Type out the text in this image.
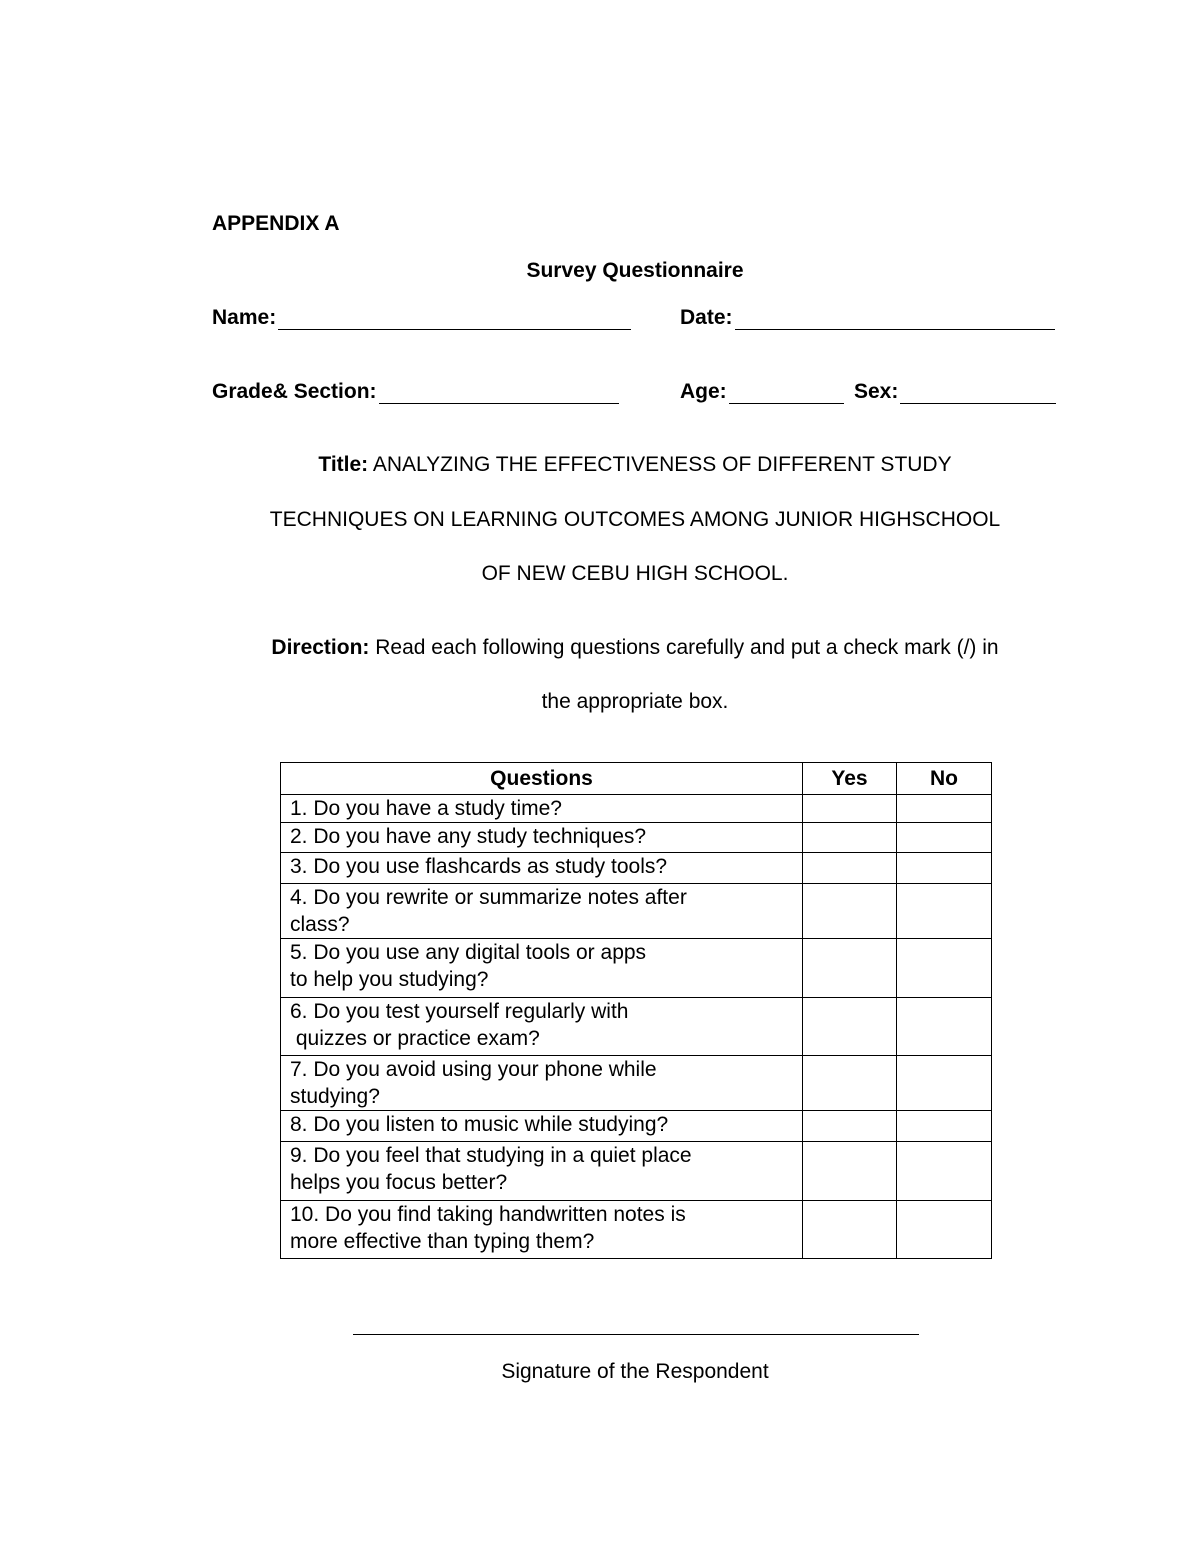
APPENDIX A
Survey Questionnaire
Name:	Date:
Grade& Section:	Age:	Sex:
Title: ANALYZING THE EFFECTIVENESS OF DIFFERENT STUDY
TECHNIQUES ON LEARNING OUTCOMES AMONG JUNIOR HIGHSCHOOL
OF NEW CEBU HIGH SCHOOL.
Direction: Read each following questions carefully and put a check mark (/) in
the appropriate box.
Questions	Yes	No

1. Do you have a study time?		

2. Do you have any study techniques?		

3. Do you use flashcards as study tools?		

4. Do you rewrite or summarize notes after
class?		

5. Do you use any digital tools or apps
to help you studying?		

6. Do you test yourself regularly with
quizzes or practice exam?		

7. Do you avoid using your phone while
studying?		

8. Do you listen to music while studying?		

9. Do you feel that studying in a quiet place
helps you focus better?		

10. Do you find taking handwritten notes is
more effective than typing them?		

Signature of the Respondent
